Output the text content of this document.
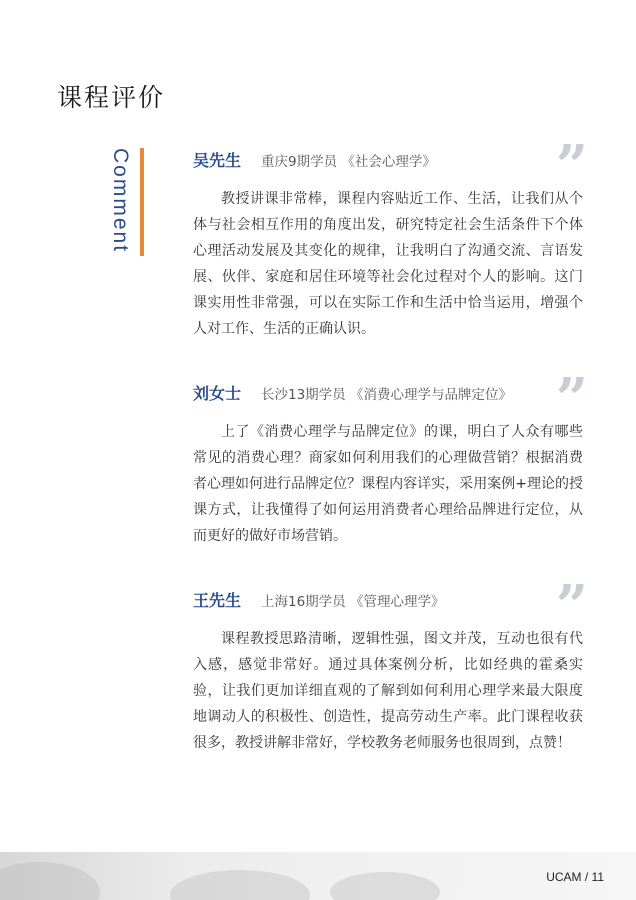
课程评价
Comment	吴先生 重庆9期学员 《社会心理学》 ”

教授讲课非常棒，课程内容贴近工作、生活，让我们从个体与社会相互作用的角度出发，研究特定社会生活条件下个体心理活动发展及其变化的规律，让我明白了沟通交流、言语发展、伙伴、家庭和居住环境等社会化过程对个人的影响。这门课实用性非常强，可以在实际工作和生活中恰当运用，增强个人对工作、生活的正确认识。

刘女士 长沙13期学员 《消费心理学与品牌定位》 ”

上了《消费心理学与品牌定位》的课，明白了人众有哪些常见的消费心理？商家如何利用我们的心理做营销？根据消费者心理如何进行品牌定位？课程内容详实，采用案例+理论的授课方式，让我懂得了如何运用消费者心理给品牌进行定位，从而更好的做好市场营销。

王先生 上海16期学员 《管理心理学》 ”

课程教授思路清晰，逻辑性强，图文并茂，互动也很有代入感，感觉非常好。通过具体案例分析，比如经典的霍桑实验，让我们更加详细直观的了解到如何利用心理学来最大限度地调动人的积极性、创造性，提高劳动生产率。此门课程收获很多，教授讲解非常好，学校教务老师服务也很周到，点赞！

UCAM / 11
